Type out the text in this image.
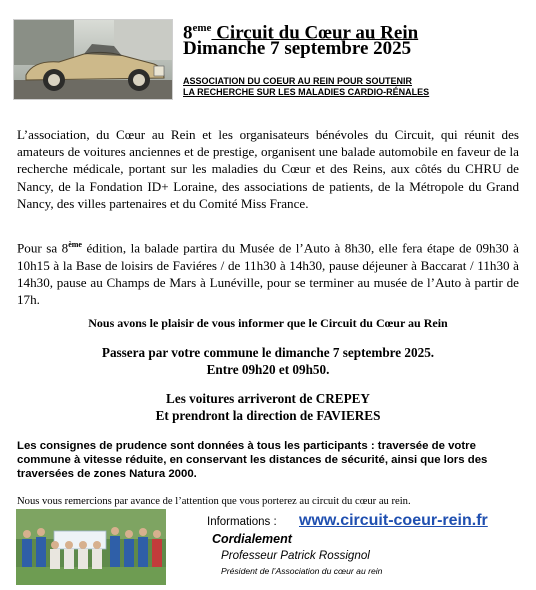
8eme Circuit du Cœur au Rein
Dimanche 7 septembre 2025
ASSOCIATION DU COEUR AU REIN POUR SOUTENIR
LA RECHERCHE SUR LES MALADIES CARDIO-RÉNALES
L’association, du Cœur au Rein et les organisateurs bénévoles du Circuit, qui réunit des amateurs de voitures anciennes et de prestige, organisent une balade automobile en faveur de la recherche médicale, portant sur les maladies du Cœur et des Reins, aux côtés du CHRU de Nancy, de la Fondation ID+ Loraine, des associations de patients, de la Métropole du Grand Nancy, des villes partenaires et du Comité Miss France.
Pour sa 8ème édition, la balade partira du Musée de l’Auto à 8h30, elle fera étape de 09h30 à 10h15 à la Base de loisirs de Faviéres / de 11h30 à 14h30, pause déjeuner à Baccarat / 11h30 à 14h30, pause au Champs de Mars à Lunéville, pour se terminer au musée de l’Auto à partir de 17h.
Nous avons le plaisir de vous informer que le Circuit du Cœur au Rein
Passera par votre commune le dimanche 7 septembre 2025.
Entre 09h20 et 09h50.
Les voitures arriveront de CREPEY
Et prendront la direction de FAVIERES
Les consignes de prudence sont données à tous les participants : traversée de votre commune à vitesse réduite, en conservant les distances de sécurité, ainsi que lors des traversées de zones Natura 2000.
Nous vous remercions par avance de l’attention que vous porterez au circuit du cœur au rein.
Informations : www.circuit-coeur-rein.fr
Cordialement
Professeur Patrick Rossignol
Président de l’Association du cœur au rein
